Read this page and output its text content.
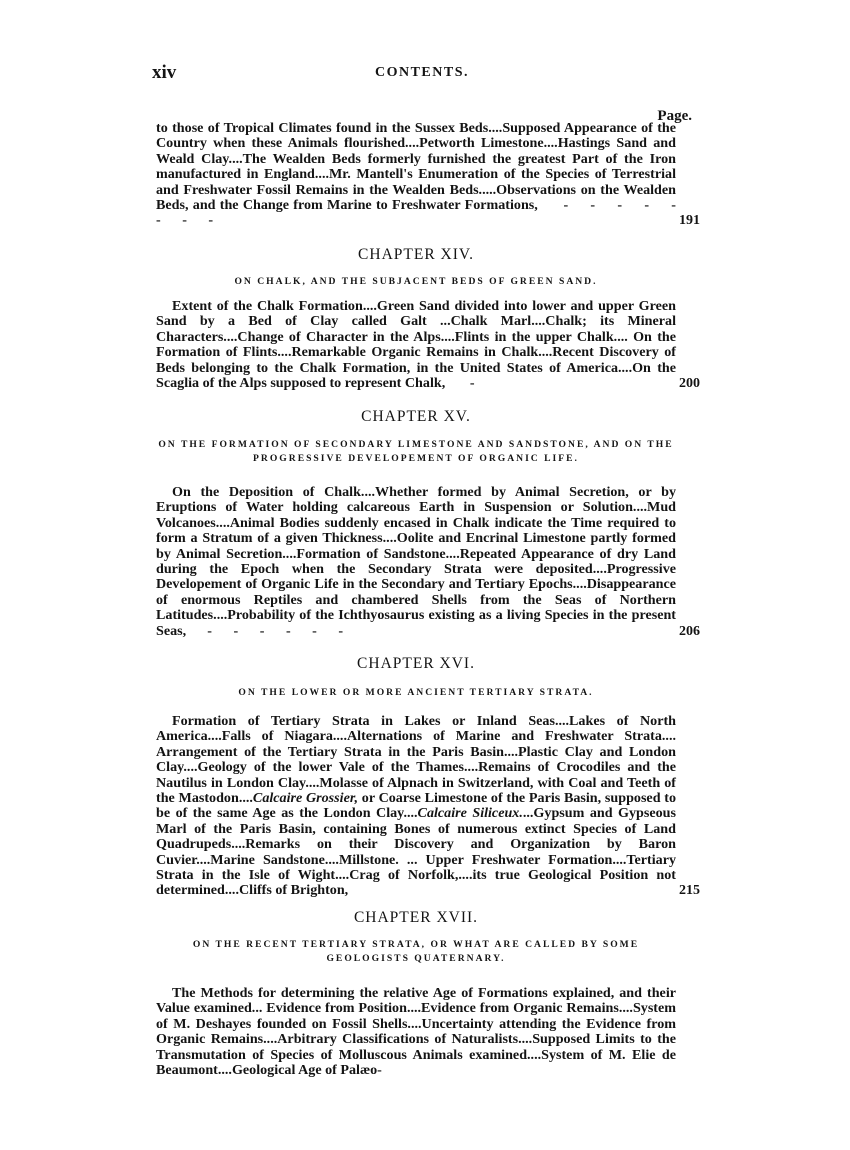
xiv	CONTENTS.
Page.

to those of Tropical Climates found in the Sussex Beds....Supposed Appearance of the Country when these Animals flourished....Petworth Limestone....Hastings Sand and Weald Clay....The Wealden Beds formerly furnished the greatest Part of the Iron manufactured in England....Mr. Mantell's Enumeration of the Species of Terrestrial and Freshwater Fossil Remains in the Wealden Beds.....Observations on the Wealden Beds, and the Change from Marine to Freshwater Formations, - - - - - - - -	191
CHAPTER XIV.
ON CHALK, AND THE SUBJACENT BEDS OF GREEN SAND.

Extent of the Chalk Formation....Green Sand divided into lower and upper Green Sand by a Bed of Clay called Galt ...Chalk Marl....Chalk; its Mineral Characters....Change of Character in the Alps....Flints in the upper Chalk.... On the Formation of Flints....Remarkable Organic Remains in Chalk....Recent Discovery of Beds belonging to the Chalk Formation, in the United States of America....On the Scaglia of the Alps supposed to represent Chalk, -	200
CHAPTER XV.
ON THE FORMATION OF SECONDARY LIMESTONE AND SANDSTONE, AND ON THE PROGRESSIVE DEVELOPEMENT OF ORGANIC LIFE.

On the Deposition of Chalk....Whether formed by Animal Secretion, or by Eruptions of Water holding calcareous Earth in Suspension or Solution....Mud Volcanoes....Animal Bodies suddenly encased in Chalk indicate the Time required to form a Stratum of a given Thickness....Oolite and Encrinal Limestone partly formed by Animal Secretion....Formation of Sandstone....Repeated Appearance of dry Land during the Epoch when the Secondary Strata were deposited....Progressive Developement of Organic Life in the Secondary and Tertiary Epochs....Disappearance of enormous Reptiles and chambered Shells from the Seas of Northern Latitudes....Probability of the Ichthyosaurus existing as a living Species in the present Seas, - - - - - -	206
CHAPTER XVI.
ON THE LOWER OR MORE ANCIENT TERTIARY STRATA.

Formation of Tertiary Strata in Lakes or Inland Seas....Lakes of North America....Falls of Niagara....Alternations of Marine and Freshwater Strata.... Arrangement of the Tertiary Strata in the Paris Basin....Plastic Clay and London Clay....Geology of the lower Vale of the Thames....Remains of Crocodiles and the Nautilus in London Clay....Molasse of Alpnach in Switzerland, with Coal and Teeth of the Mastodon....Calcaire Grossier, or Coarse Limestone of the Paris Basin, supposed to be of the same Age as the London Clay....Calcaire Siliceux....Gypsum and Gypseous Marl of the Paris Basin, containing Bones of numerous extinct Species of Land Quadrupeds....Remarks on their Discovery and Organization by Baron Cuvier....Marine Sandstone....Millstone. ... Upper Freshwater Formation....Tertiary Strata in the Isle of Wight....Crag of Norfolk,....its true Geological Position not determined....Cliffs of Brighton,	215
CHAPTER XVII.
ON THE RECENT TERTIARY STRATA, OR WHAT ARE CALLED BY SOME GEOLOGISTS QUATERNARY.

The Methods for determining the relative Age of Formations explained, and their Value examined... Evidence from Position....Evidence from Organic Remains....System of M. Deshayes founded on Fossil Shells....Uncertainty attending the Evidence from Organic Remains....Arbitrary Classifications of Naturalists....Supposed Limits to the Transmutation of Species of Molluscous Animals examined....System of M. Elie de Beaumont....Geological Age of Palæo-
